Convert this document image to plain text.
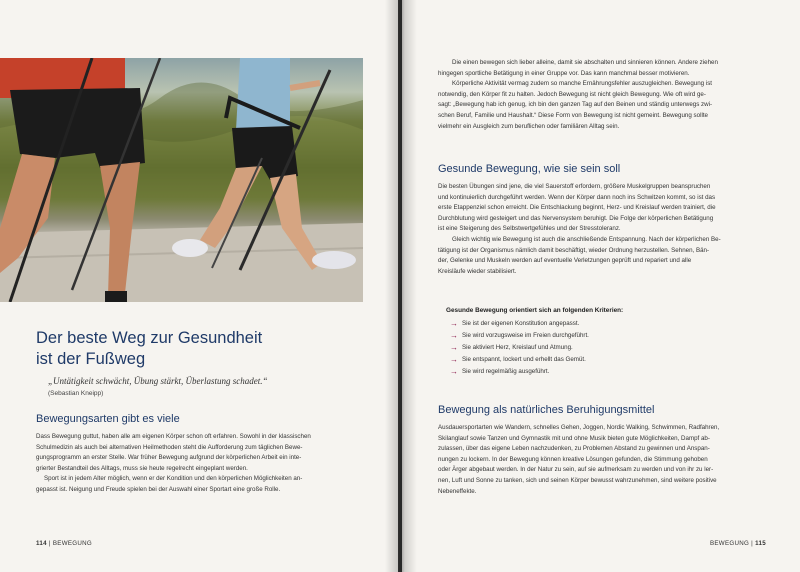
Der beste Weg zur Gesundheit
ist der Fußweg
„Untätigkeit schwächt, Übung stärkt, Überlastung schadet.“
(Sebastian Kneipp)
Bewegungsarten gibt es viele
Dass Bewegung guttut, haben alle am eigenen Körper schon oft erfahren. Sowohl in der klassischen
Schulmedizin als auch bei alternativen Heilmethoden steht die Aufforderung zum täglichen Bewe-
gungsprogramm an erster Stelle. War früher Bewegung aufgrund der körperlichen Arbeit ein inte-
grierter Bestandteil des Alltags, muss sie heute regelrecht eingeplant werden.
Sport ist in jedem Alter möglich, wenn er der Kondition und den körperlichen Möglichkeiten an-
gepasst ist. Neigung und Freude spielen bei der Auswahl einer Sportart eine große Rolle.
114 | BEWEGUNG
Die einen bewegen sich lieber alleine, damit sie abschalten und sinnieren können. Andere ziehen
hingegen sportliche Betätigung in einer Gruppe vor. Das kann manchmal besser motivieren.
Körperliche Aktivität vermag zudem so manche Ernährungsfehler auszugleichen. Bewegung ist
notwendig, den Körper fit zu halten. Jedoch Bewegung ist nicht gleich Bewegung. Wie oft wird ge-
sagt: „Bewegung hab ich genug, ich bin den ganzen Tag auf den Beinen und ständig unterwegs zwi-
schen Beruf, Familie und Haushalt.“ Diese Form von Bewegung ist nicht gemeint. Bewegung sollte
vielmehr ein Ausgleich zum beruflichen oder familiären Alltag sein.
Gesunde Bewegung, wie sie sein soll
Die besten Übungen sind jene, die viel Sauerstoff erfordern, größere Muskelgruppen beanspruchen
und kontinuierlich durchgeführt werden. Wenn der Körper dann noch ins Schwitzen kommt, so ist das
erste Etappenziel schon erreicht. Die Entschlackung beginnt, Herz- und Kreislauf werden trainiert, die
Durchblutung wird gesteigert und das Nervensystem beruhigt. Die Folge der körperlichen Betätigung
ist eine Steigerung des Selbstwertgefühles und der Stresstoleranz.
Gleich wichtig wie Bewegung ist auch die anschließende Entspannung. Nach der körperlichen Be-
tätigung ist der Organismus nämlich damit beschäftigt, wieder Ordnung herzustellen. Sehnen, Bän-
der, Gelenke und Muskeln werden auf eventuelle Verletzungen geprüft und repariert und alle
Kreisläufe wieder stabilisiert.
Gesunde Bewegung orientiert sich an folgenden Kriterien:
→ Sie ist der eigenen Konstitution angepasst.
→ Sie wird vorzugsweise im Freien durchgeführt.
→ Sie aktiviert Herz, Kreislauf und Atmung.
→ Sie entspannt, lockert und erhellt das Gemüt.
→ Sie wird regelmäßig ausgeführt.
Bewegung als natürliches Beruhigungsmittel
Ausdauersportarten wie Wandern, schnelles Gehen, Joggen, Nordic Walking, Schwimmen, Radfahren,
Skilanglauf sowie Tanzen und Gymnastik mit und ohne Musik bieten gute Möglichkeiten, Dampf ab-
zulassen, über das eigene Leben nachzudenken, zu Problemen Abstand zu gewinnen und Anspan-
nungen zu lockern. In der Bewegung können kreative Lösungen gefunden, die Stimmung gehoben
oder Ärger abgebaut werden. In der Natur zu sein, auf sie aufmerksam zu werden und von ihr zu ler-
nen, Luft und Sonne zu tanken, sich und seinen Körper bewusst wahrzunehmen, sind weitere positive
Nebeneffekte.
BEWEGUNG | 115
